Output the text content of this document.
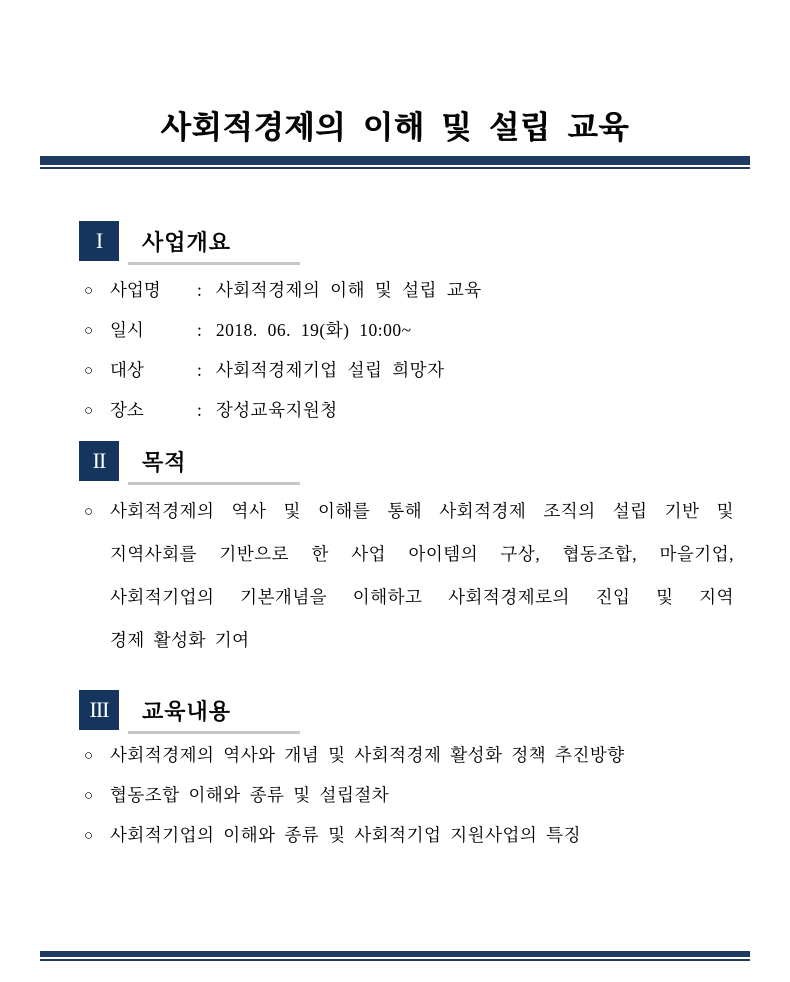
사회적경제의 이해 및 설립 교육
I 사업개요
○ 사업명 : 사회적경제의 이해 및 설립 교육
○ 일시	: 2018. 06. 19(화) 10:00~
○ 대상	: 사회적경제기업 설립 희망자
○ 장소	: 장성교육지원청
II 목적
○ 사회적경제의 역사 및 이해를 통해 사회적경제 조직의 설립 기반 및
지역사회를 기반으로 한 사업 아이템의 구상, 협동조합, 마을기업,
사회적기업의 기본개념을 이해하고 사회적경제로의 진입 및 지역
경제 활성화 기여
III 교육내용
○ 사회적경제의 역사와 개념 및 사회적경제 활성화 정책 추진방향
○ 협동조합 이해와 종류 및 설립절차
○ 사회적기업의 이해와 종류 및 사회적기업 지원사업의 특징
